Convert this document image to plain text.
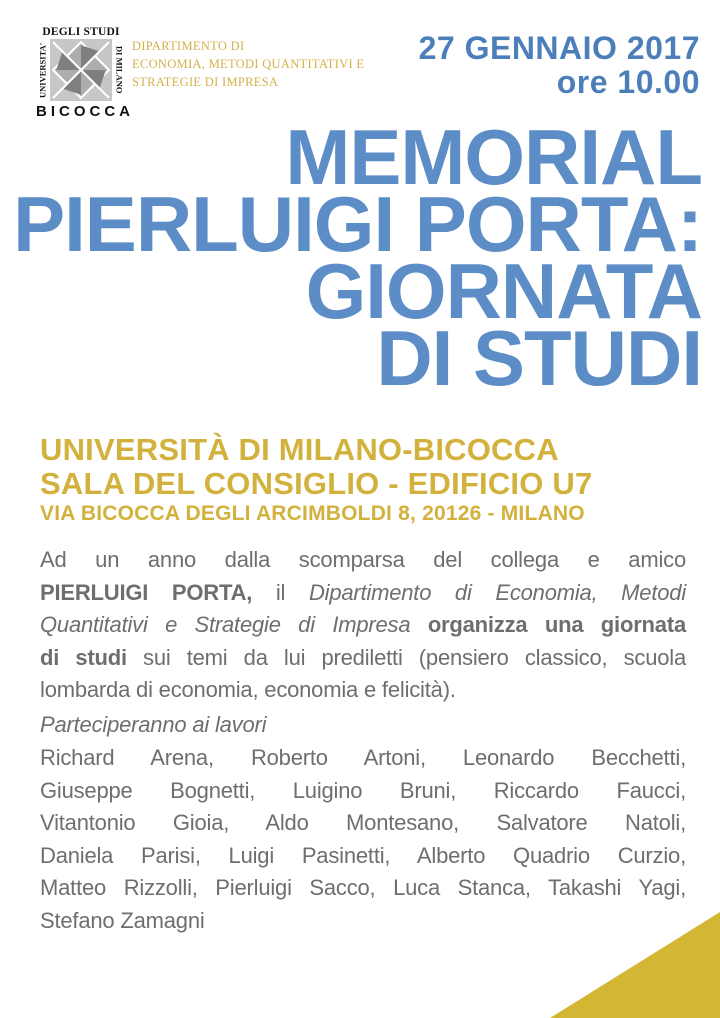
DEGLI STUDI
UNIVERSITA'	DI MILANO
BICOCCA
DIPARTIMENTO DI
ECONOMIA, METODI QUANTITATIVI E
STRATEGIE DI IMPRESA
27 GENNAIO 2017
ore 10.00
MEMORIAL
PIERLUIGI PORTA:
GIORNATA
DI STUDI
UNIVERSITÀ DI MILANO-BICOCCA
SALA DEL CONSIGLIO - EDIFICIO U7
VIA BICOCCA DEGLI ARCIMBOLDI 8, 20126 - MILANO
Ad un anno dalla scomparsa del collega e amico
PIERLUIGI PORTA, il Dipartimento di Economia, Metodi
Quantitativi e Strategie di Impresa organizza una giornata
di studi sui temi da lui prediletti (pensiero classico, scuola
lombarda di economia, economia e felicità).
Parteciperanno ai lavori
Richard Arena, Roberto Artoni, Leonardo Becchetti,
Giuseppe Bognetti, Luigino Bruni, Riccardo Faucci,
Vitantonio Gioia, Aldo Montesano, Salvatore Natoli,
Daniela Parisi, Luigi Pasinetti, Alberto Quadrio Curzio,
Matteo Rizzolli, Pierluigi Sacco, Luca Stanca, Takashi Yagi,
Stefano Zamagni
